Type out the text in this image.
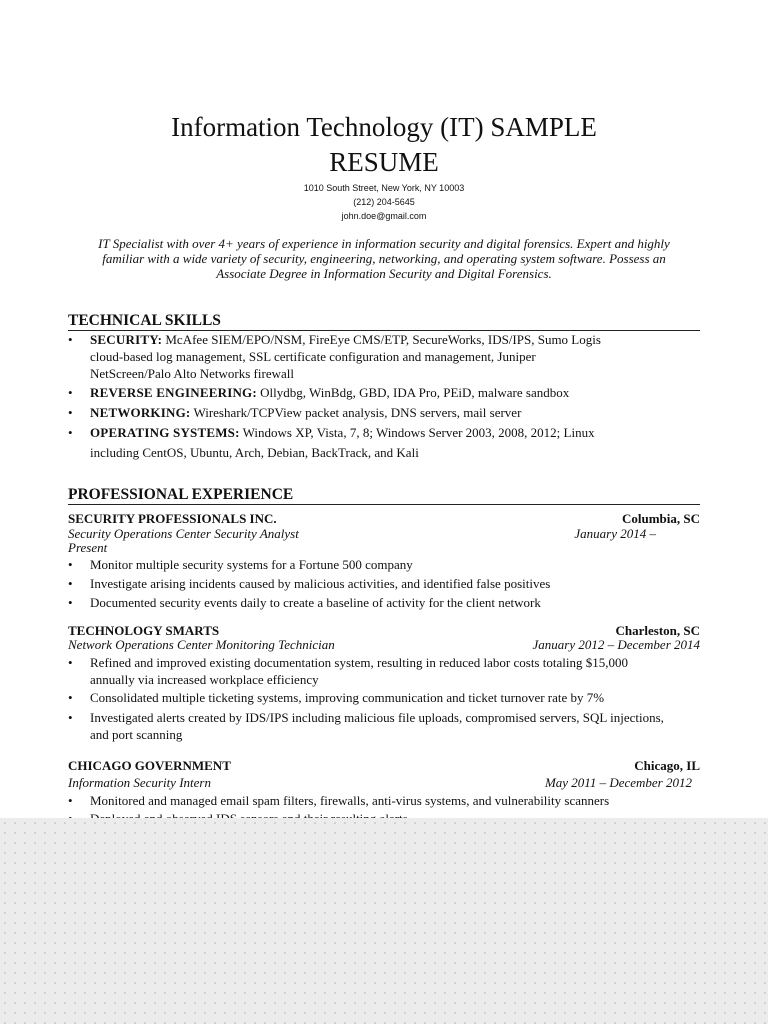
Information Technology (IT) SAMPLE
RESUME
1010 South Street, New York, NY 10003
(212) 204-5645
john.doe@gmail.com
IT Specialist with over 4+ years of experience in information security and digital forensics. Expert and highly
familiar with a wide variety of security, engineering, networking, and operating system software. Possess an
Associate Degree in Information Security and Digital Forensics.
TECHNICAL SKILLS
• SECURITY: McAfee SIEM/EPO/NSM, FireEye CMS/ETP, SecureWorks, IDS/IPS, Sumo Logis
cloud-based log management, SSL certificate configuration and management, Juniper
NetScreen/Palo Alto Networks firewall
• REVERSE ENGINEERING: Ollydbg, WinBdg, GBD, IDA Pro, PEiD, malware sandbox
• NETWORKING: Wireshark/TCPView packet analysis, DNS servers, mail server
• OPERATING SYSTEMS: Windows XP, Vista, 7, 8; Windows Server 2003, 2008, 2012; Linux
including CentOS, Ubuntu, Arch, Debian, BackTrack, and Kali
PROFESSIONAL EXPERIENCE
SECURITY PROFESSIONALS INC.	Columbia, SC
Security Operations Center Security Analyst	January 2014 –
Present
• Monitor multiple security systems for a Fortune 500 company
• Investigate arising incidents caused by malicious activities, and identified false positives
• Documented security events daily to create a baseline of activity for the client network
TECHNOLOGY SMARTS	Charleston, SC
Network Operations Center Monitoring Technician	January 2012 – December 2014
• Refined and improved existing documentation system, resulting in reduced labor costs totaling $15,000
annually via increased workplace efficiency
• Consolidated multiple ticketing systems, improving communication and ticket turnover rate by 7%
• Investigated alerts created by IDS/IPS including malicious file uploads, compromised servers, SQL injections,
and port scanning
CHICAGO GOVERNMENT	Chicago, IL
Information Security Intern	May 2011 – December 2012
• Monitored and managed email spam filters, firewalls, anti-virus systems, and vulnerability scanners
